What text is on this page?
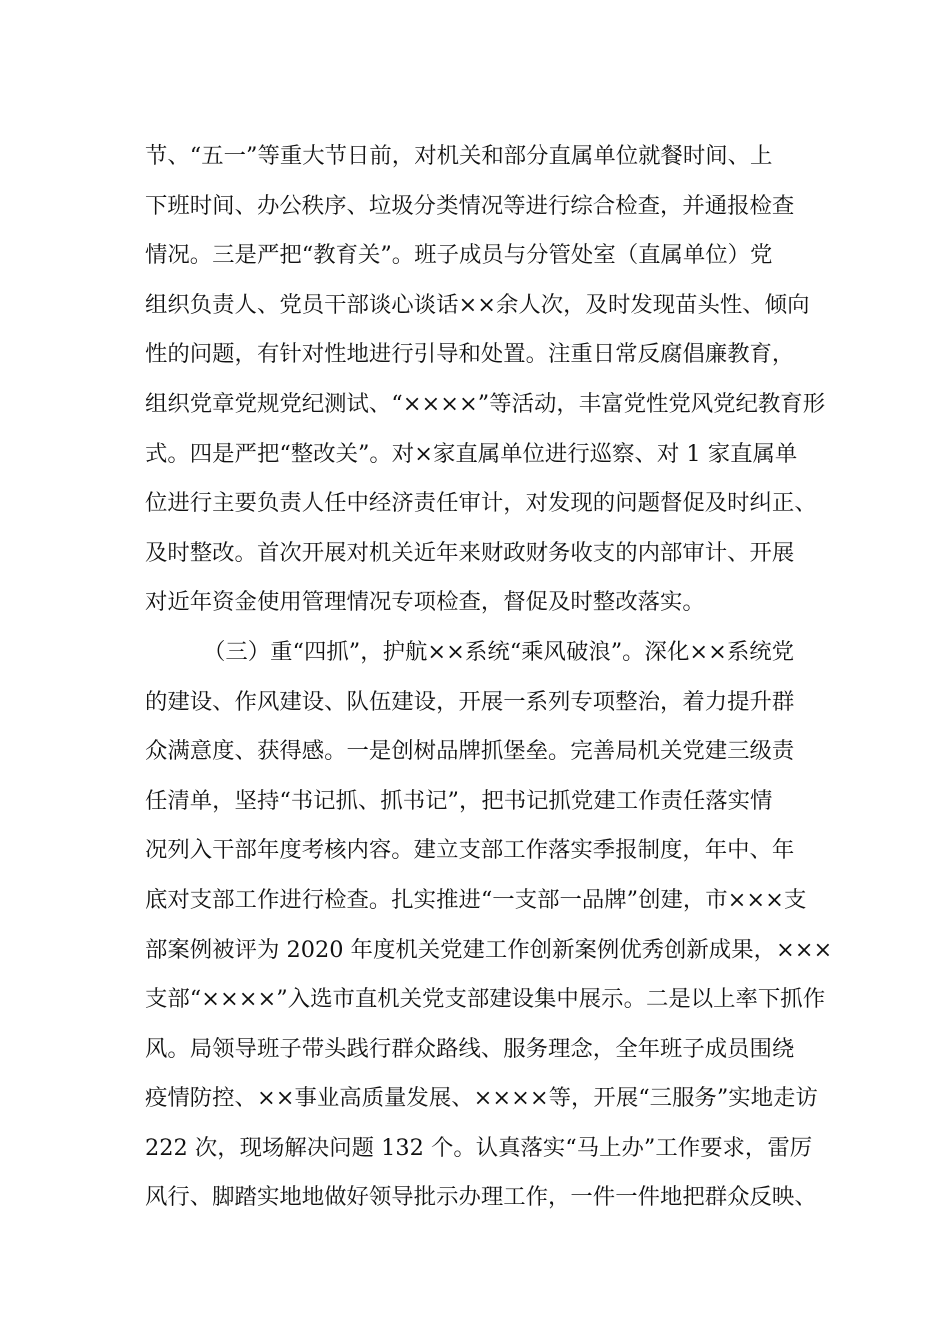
节、“五一”等重大节日前，对机关和部分直属单位就餐时间、上
下班时间、办公秩序、垃圾分类情况等进行综合检查，并通报检查
情况。三是严把“教育关”。班子成员与分管处室（直属单位）党
组织负责人、党员干部谈心谈话××余人次，及时发现苗头性、倾向
性的问题，有针对性地进行引导和处置。注重日常反腐倡廉教育，
组织党章党规党纪测试、“××××”等活动，丰富党性党风党纪教育形
式。四是严把“整改关”。对×家直属单位进行巡察、对 1 家直属单
位进行主要负责人任中经济责任审计，对发现的问题督促及时纠正、
及时整改。首次开展对机关近年来财政财务收支的内部审计、开展
对近年资金使用管理情况专项检查，督促及时整改落实。
（三）重“四抓”，护航××系统“乘风破浪”。深化××系统党
的建设、作风建设、队伍建设，开展一系列专项整治，着力提升群
众满意度、获得感。一是创树品牌抓堡垒。完善局机关党建三级责
任清单，坚持“书记抓、抓书记”，把书记抓党建工作责任落实情
况列入干部年度考核内容。建立支部工作落实季报制度，年中、年
底对支部工作进行检查。扎实推进“一支部一品牌”创建，市×××支
部案例被评为 2020 年度机关党建工作创新案例优秀创新成果，×××
支部“××××”入选市直机关党支部建设集中展示。二是以上率下抓作
风。局领导班子带头践行群众路线、服务理念，全年班子成员围绕
疫情防控、××事业高质量发展、××××等，开展“三服务”实地走访
222 次，现场解决问题 132 个。认真落实“马上办”工作要求，雷厉
风行、脚踏实地地做好领导批示办理工作，一件一件地把群众反映、
